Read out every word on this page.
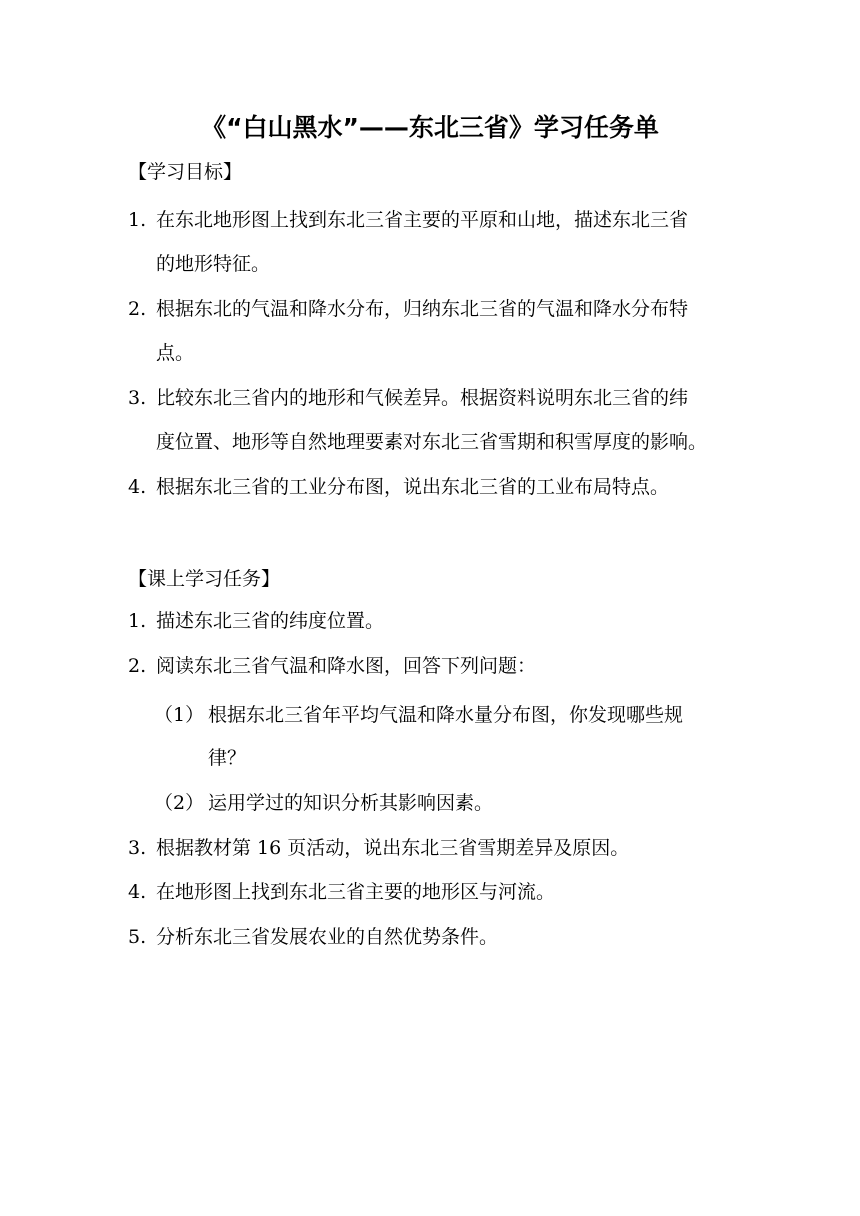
《“白山黑水”——东北三省》学习任务单
【学习目标】
1. 在东北地形图上找到东北三省主要的平原和山地，描述东北三省
的地形特征。
2. 根据东北的气温和降水分布，归纳东北三省的气温和降水分布特
点。
3. 比较东北三省内的地形和气候差异。根据资料说明东北三省的纬
度位置、地形等自然地理要素对东北三省雪期和积雪厚度的影响。
4. 根据东北三省的工业分布图，说出东北三省的工业布局特点。
【课上学习任务】
1. 描述东北三省的纬度位置。
2. 阅读东北三省气温和降水图，回答下列问题：
（1） 根据东北三省年平均气温和降水量分布图，你发现哪些规
律？
（2） 运用学过的知识分析其影响因素。
3. 根据教材第 16 页活动，说出东北三省雪期差异及原因。
4. 在地形图上找到东北三省主要的地形区与河流。
5. 分析东北三省发展农业的自然优势条件。
